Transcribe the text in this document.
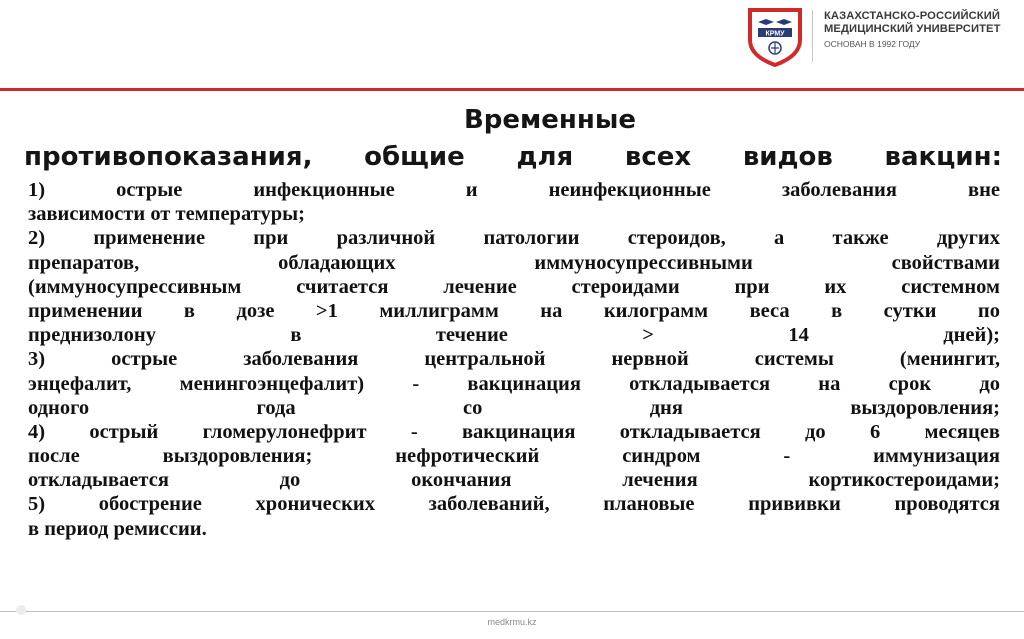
КРМУ
КАЗАХСТАНСКО-РОССИЙСКИЙ
МЕДИЦИНСКИЙ УНИВЕРСИТЕТ
ОСНОВАН В 1992 ГОДУ
Временные
противопоказания, общие для всех видов вакцин:
1) острые инфекционные и неинфекционные заболевания вне
зависимости от температуры;
2) применение при различной патологии стероидов, а также других
препаратов, обладающих иммуносупрессивными свойствами
(иммуносупрессивным считается лечение стероидами при их системном
применении в дозе >1 миллиграмм на килограмм веса в сутки по
преднизолону в течение > 14 дней);
3) острые заболевания центральной нервной системы (менингит,
энцефалит, менингоэнцефалит) - вакцинация откладывается на срок до
одного года со дня выздоровления;
4) острый гломерулонефрит - вакцинация откладывается до 6 месяцев
после выздоровления; нефротический синдром - иммунизация
откладывается до окончания лечения кортикостероидами;
5) обострение хронических заболеваний, плановые прививки проводятся
в период ремиссии.
medkrmu.kz
